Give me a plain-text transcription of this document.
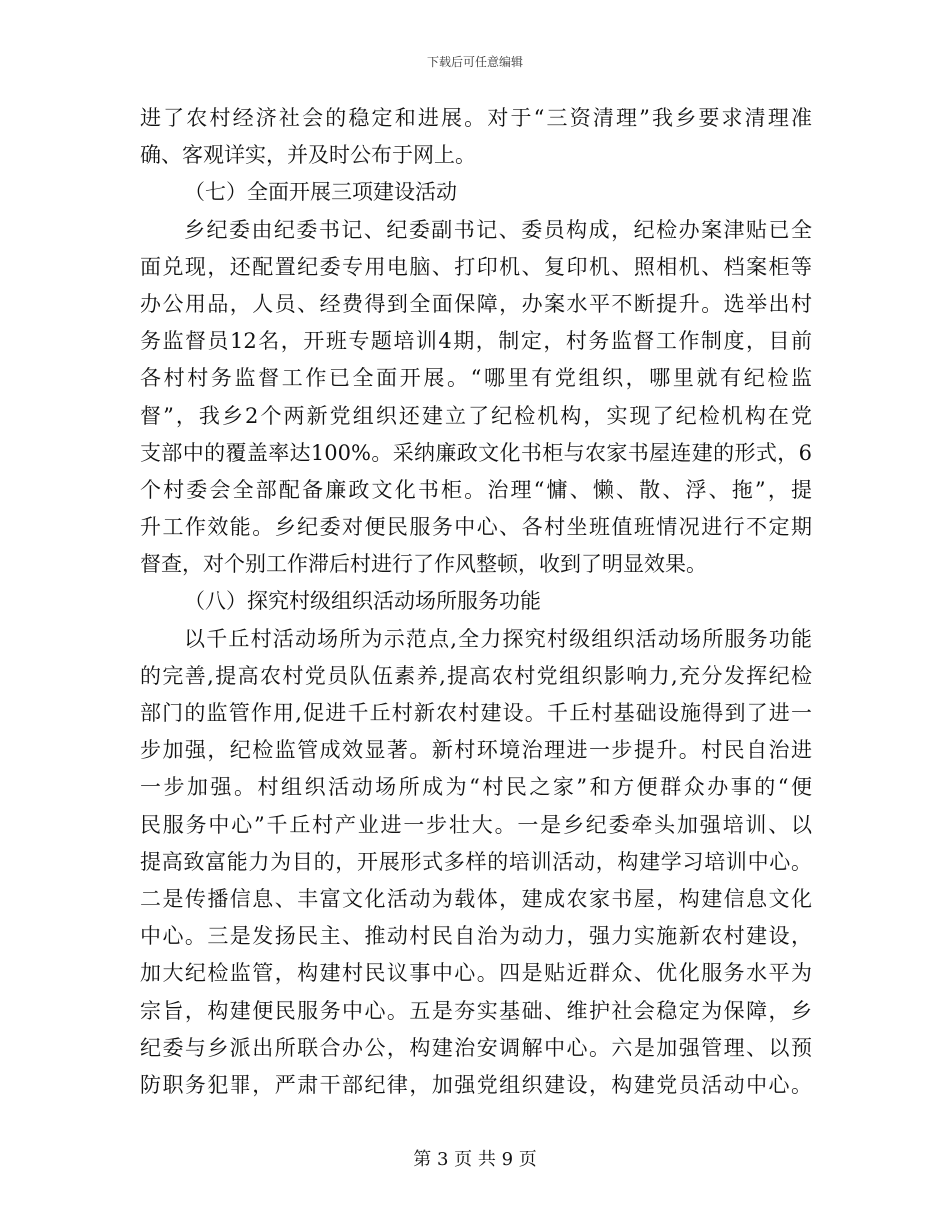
下载后可任意编辑
进了农村经济社会的稳定和进展。对于“三资清理”我乡要求清理准
确、客观详实，并及时公布于网上。
（七）全面开展三项建设活动
乡纪委由纪委书记、纪委副书记、委员构成，纪检办案津贴已全
面兑现，还配置纪委专用电脑、打印机、复印机、照相机、档案柜等
办公用品，人员、经费得到全面保障，办案水平不断提升。选举出村
务监督员12名，开班专题培训4期，制定，村务监督工作制度，目前
各村村务监督工作已全面开展。“哪里有党组织，哪里就有纪检监
督”，我乡2个两新党组织还建立了纪检机构，实现了纪检机构在党
支部中的覆盖率达100%。采纳廉政文化书柜与农家书屋连建的形式，6
个村委会全部配备廉政文化书柜。治理“慵、懒、散、浮、拖”，提
升工作效能。乡纪委对便民服务中心、各村坐班值班情况进行不定期
督查，对个别工作滞后村进行了作风整顿，收到了明显效果。
（八）探究村级组织活动场所服务功能
以千丘村活动场所为示范点,全力探究村级组织活动场所服务功能
的完善,提高农村党员队伍素养,提高农村党组织影响力,充分发挥纪检
部门的监管作用,促进千丘村新农村建设。千丘村基础设施得到了进一
步加强，纪检监管成效显著。新村环境治理进一步提升。村民自治进
一步加强。村组织活动场所成为“村民之家”和方便群众办事的“便
民服务中心”千丘村产业进一步壮大。一是乡纪委牵头加强培训、以
提高致富能力为目的，开展形式多样的培训活动，构建学习培训中心。
二是传播信息、丰富文化活动为载体，建成农家书屋，构建信息文化
中心。三是发扬民主、推动村民自治为动力，强力实施新农村建设，
加大纪检监管，构建村民议事中心。四是贴近群众、优化服务水平为
宗旨，构建便民服务中心。五是夯实基础、维护社会稳定为保障，乡
纪委与乡派出所联合办公，构建治安调解中心。六是加强管理、以预
防职务犯罪，严肃干部纪律，加强党组织建设，构建党员活动中心。
第 3 页 共 9 页
